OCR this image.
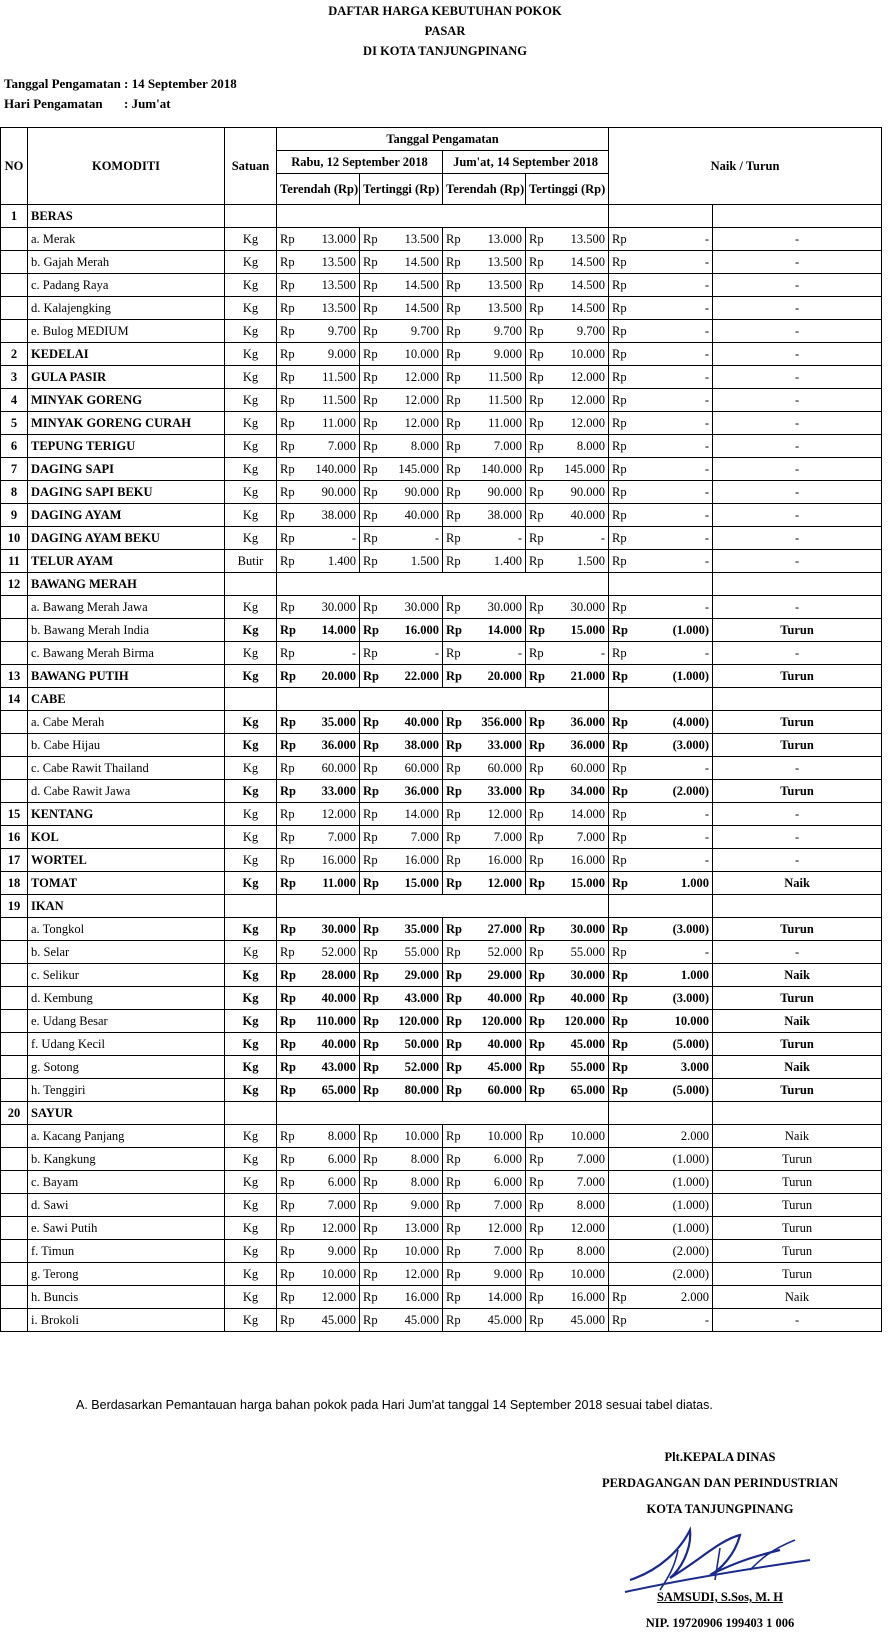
DAFTAR HARGA KEBUTUHAN POKOK
PASAR
DI KOTA TANJUNGPINANG
Tanggal Pengamatan : 14 September 2018
Hari Pengamatan : Jum'at
NO	KOMODITI	Satuan	Tanggal Pengamatan								Naik / Turun	
			Rabu, 12 September 2018				Jum'at, 14 September 2018					
			Terendah (Rp)		Tertinggi (Rp)		Terendah (Rp)		Tertinggi (Rp)			
1	BERAS											
	a. Merak	Kg	Rp	13.000	Rp	13.500	Rp	13.000	Rp	13.500	Rp -	-
	b. Gajah Merah	Kg	Rp	13.500	Rp	14.500	Rp	13.500	Rp	14.500	Rp -	-
	c. Padang Raya	Kg	Rp	13.500	Rp	14.500	Rp	13.500	Rp	14.500	Rp -	-
	d. Kalajengking	Kg	Rp	13.500	Rp	14.500	Rp	13.500	Rp	14.500	Rp -	-
	e. Bulog MEDIUM	Kg	Rp	9.700	Rp	9.700	Rp	9.700	Rp	9.700	Rp -	-
2	KEDELAI	Kg	Rp	9.000	Rp	10.000	Rp	9.000	Rp	10.000	Rp -	-
3	GULA PASIR	Kg	Rp	11.500	Rp	12.000	Rp	11.500	Rp	12.000	Rp -	-
4	MINYAK GORENG	Kg	Rp	11.500	Rp	12.000	Rp	11.500	Rp	12.000	Rp -	-
5	MINYAK GORENG CURAH	Kg	Rp	11.000	Rp	12.000	Rp	11.000	Rp	12.000	Rp -	-
6	TEPUNG TERIGU	Kg	Rp	7.000	Rp	8.000	Rp	7.000	Rp	8.000	Rp -	-
7	DAGING SAPI	Kg	Rp	140.000	Rp	145.000	Rp	140.000	Rp	145.000	Rp -	-
8	DAGING SAPI BEKU	Kg	Rp	90.000	Rp	90.000	Rp	90.000	Rp	90.000	Rp -	-
9	DAGING AYAM	Kg	Rp	38.000	Rp	40.000	Rp	38.000	Rp	40.000	Rp -	-
10	DAGING AYAM BEKU	Kg	Rp	-	Rp	-	Rp	-	Rp	-	Rp -	-
11	TELUR AYAM	Butir	Rp	1.400	Rp	1.500	Rp	1.400	Rp	1.500	Rp -	-
12	BAWANG MERAH											
	a. Bawang Merah Jawa	Kg	Rp	30.000	Rp	30.000	Rp	30.000	Rp	30.000	Rp -	-
	b. Bawang Merah India	Kg	Rp	14.000	Rp	16.000	Rp	14.000	Rp	15.000	Rp (1.000)	Turun
	c. Bawang Merah Birma	Kg	Rp	-	Rp	-	Rp	-	Rp	-	Rp -	-
13	BAWANG PUTIH	Kg	Rp	20.000	Rp	22.000	Rp	20.000	Rp	21.000	Rp (1.000)	Turun
14	CABE											
	a. Cabe Merah	Kg	Rp	35.000	Rp	40.000	Rp	356.000	Rp	36.000	Rp (4.000)	Turun
	b. Cabe Hijau	Kg	Rp	36.000	Rp	38.000	Rp	33.000	Rp	36.000	Rp (3.000)	Turun
	c. Cabe Rawit Thailand	Kg	Rp	60.000	Rp	60.000	Rp	60.000	Rp	60.000	Rp -	-
	d. Cabe Rawit Jawa	Kg	Rp	33.000	Rp	36.000	Rp	33.000	Rp	34.000	Rp (2.000)	Turun
15	KENTANG	Kg	Rp	12.000	Rp	14.000	Rp	12.000	Rp	14.000	Rp -	-
16	KOL	Kg	Rp	7.000	Rp	7.000	Rp	7.000	Rp	7.000	Rp -	-
17	WORTEL	Kg	Rp	16.000	Rp	16.000	Rp	16.000	Rp	16.000	Rp -	-
18	TOMAT	Kg	Rp	11.000	Rp	15.000	Rp	12.000	Rp	15.000	Rp 1.000	Naik
19	IKAN											
	a. Tongkol	Kg	Rp	30.000	Rp	35.000	Rp	27.000	Rp	30.000	Rp (3.000)	Turun
	b. Selar	Kg	Rp	52.000	Rp	55.000	Rp	52.000	Rp	55.000	Rp -	-
	c. Selikur	Kg	Rp	28.000	Rp	29.000	Rp	29.000	Rp	30.000	Rp 1.000	Naik
	d. Kembung	Kg	Rp	40.000	Rp	43.000	Rp	40.000	Rp	40.000	Rp (3.000)	Turun
	e. Udang Besar	Kg	Rp	110.000	Rp	120.000	Rp	120.000	Rp	120.000	Rp 10.000	Naik
	f. Udang Kecil	Kg	Rp	40.000	Rp	50.000	Rp	40.000	Rp	45.000	Rp (5.000)	Turun
	g. Sotong	Kg	Rp	43.000	Rp	52.000	Rp	45.000	Rp	55.000	Rp 3.000	Naik
	h. Tenggiri	Kg	Rp	65.000	Rp	80.000	Rp	60.000	Rp	65.000	Rp (5.000)	Turun
20	SAYUR											
	a. Kacang Panjang	Kg	Rp	8.000	Rp	10.000	Rp	10.000	Rp	10.000	2.000	Naik
	b. Kangkung	Kg	Rp	6.000	Rp	8.000	Rp	6.000	Rp	7.000	(1.000)	Turun
	c. Bayam	Kg	Rp	6.000	Rp	8.000	Rp	6.000	Rp	7.000	(1.000)	Turun
	d. Sawi	Kg	Rp	7.000	Rp	9.000	Rp	7.000	Rp	8.000	(1.000)	Turun
	e. Sawi Putih	Kg	Rp	12.000	Rp	13.000	Rp	12.000	Rp	12.000	(1.000)	Turun
	f. Timun	Kg	Rp	9.000	Rp	10.000	Rp	7.000	Rp	8.000	(2.000)	Turun
	g. Terong	Kg	Rp	10.000	Rp	12.000	Rp	9.000	Rp	10.000	(2.000)	Turun
	h. Buncis	Kg	Rp	12.000	Rp	16.000	Rp	14.000	Rp	16.000	Rp 2.000	Naik
	i. Brokoli	Kg	Rp	45.000	Rp	45.000	Rp	45.000	Rp	45.000	Rp -	-
A. Berdasarkan Pemantauan harga bahan pokok pada Hari Jum'at tanggal 14 September 2018 sesuai tabel diatas.
Plt.KEPALA DINAS
PERDAGANGAN DAN PERINDUSTRIAN
KOTA TANJUNGPINANG
SAMSUDI, S.Sos, M. H
NIP. 19720906 199403 1 006
